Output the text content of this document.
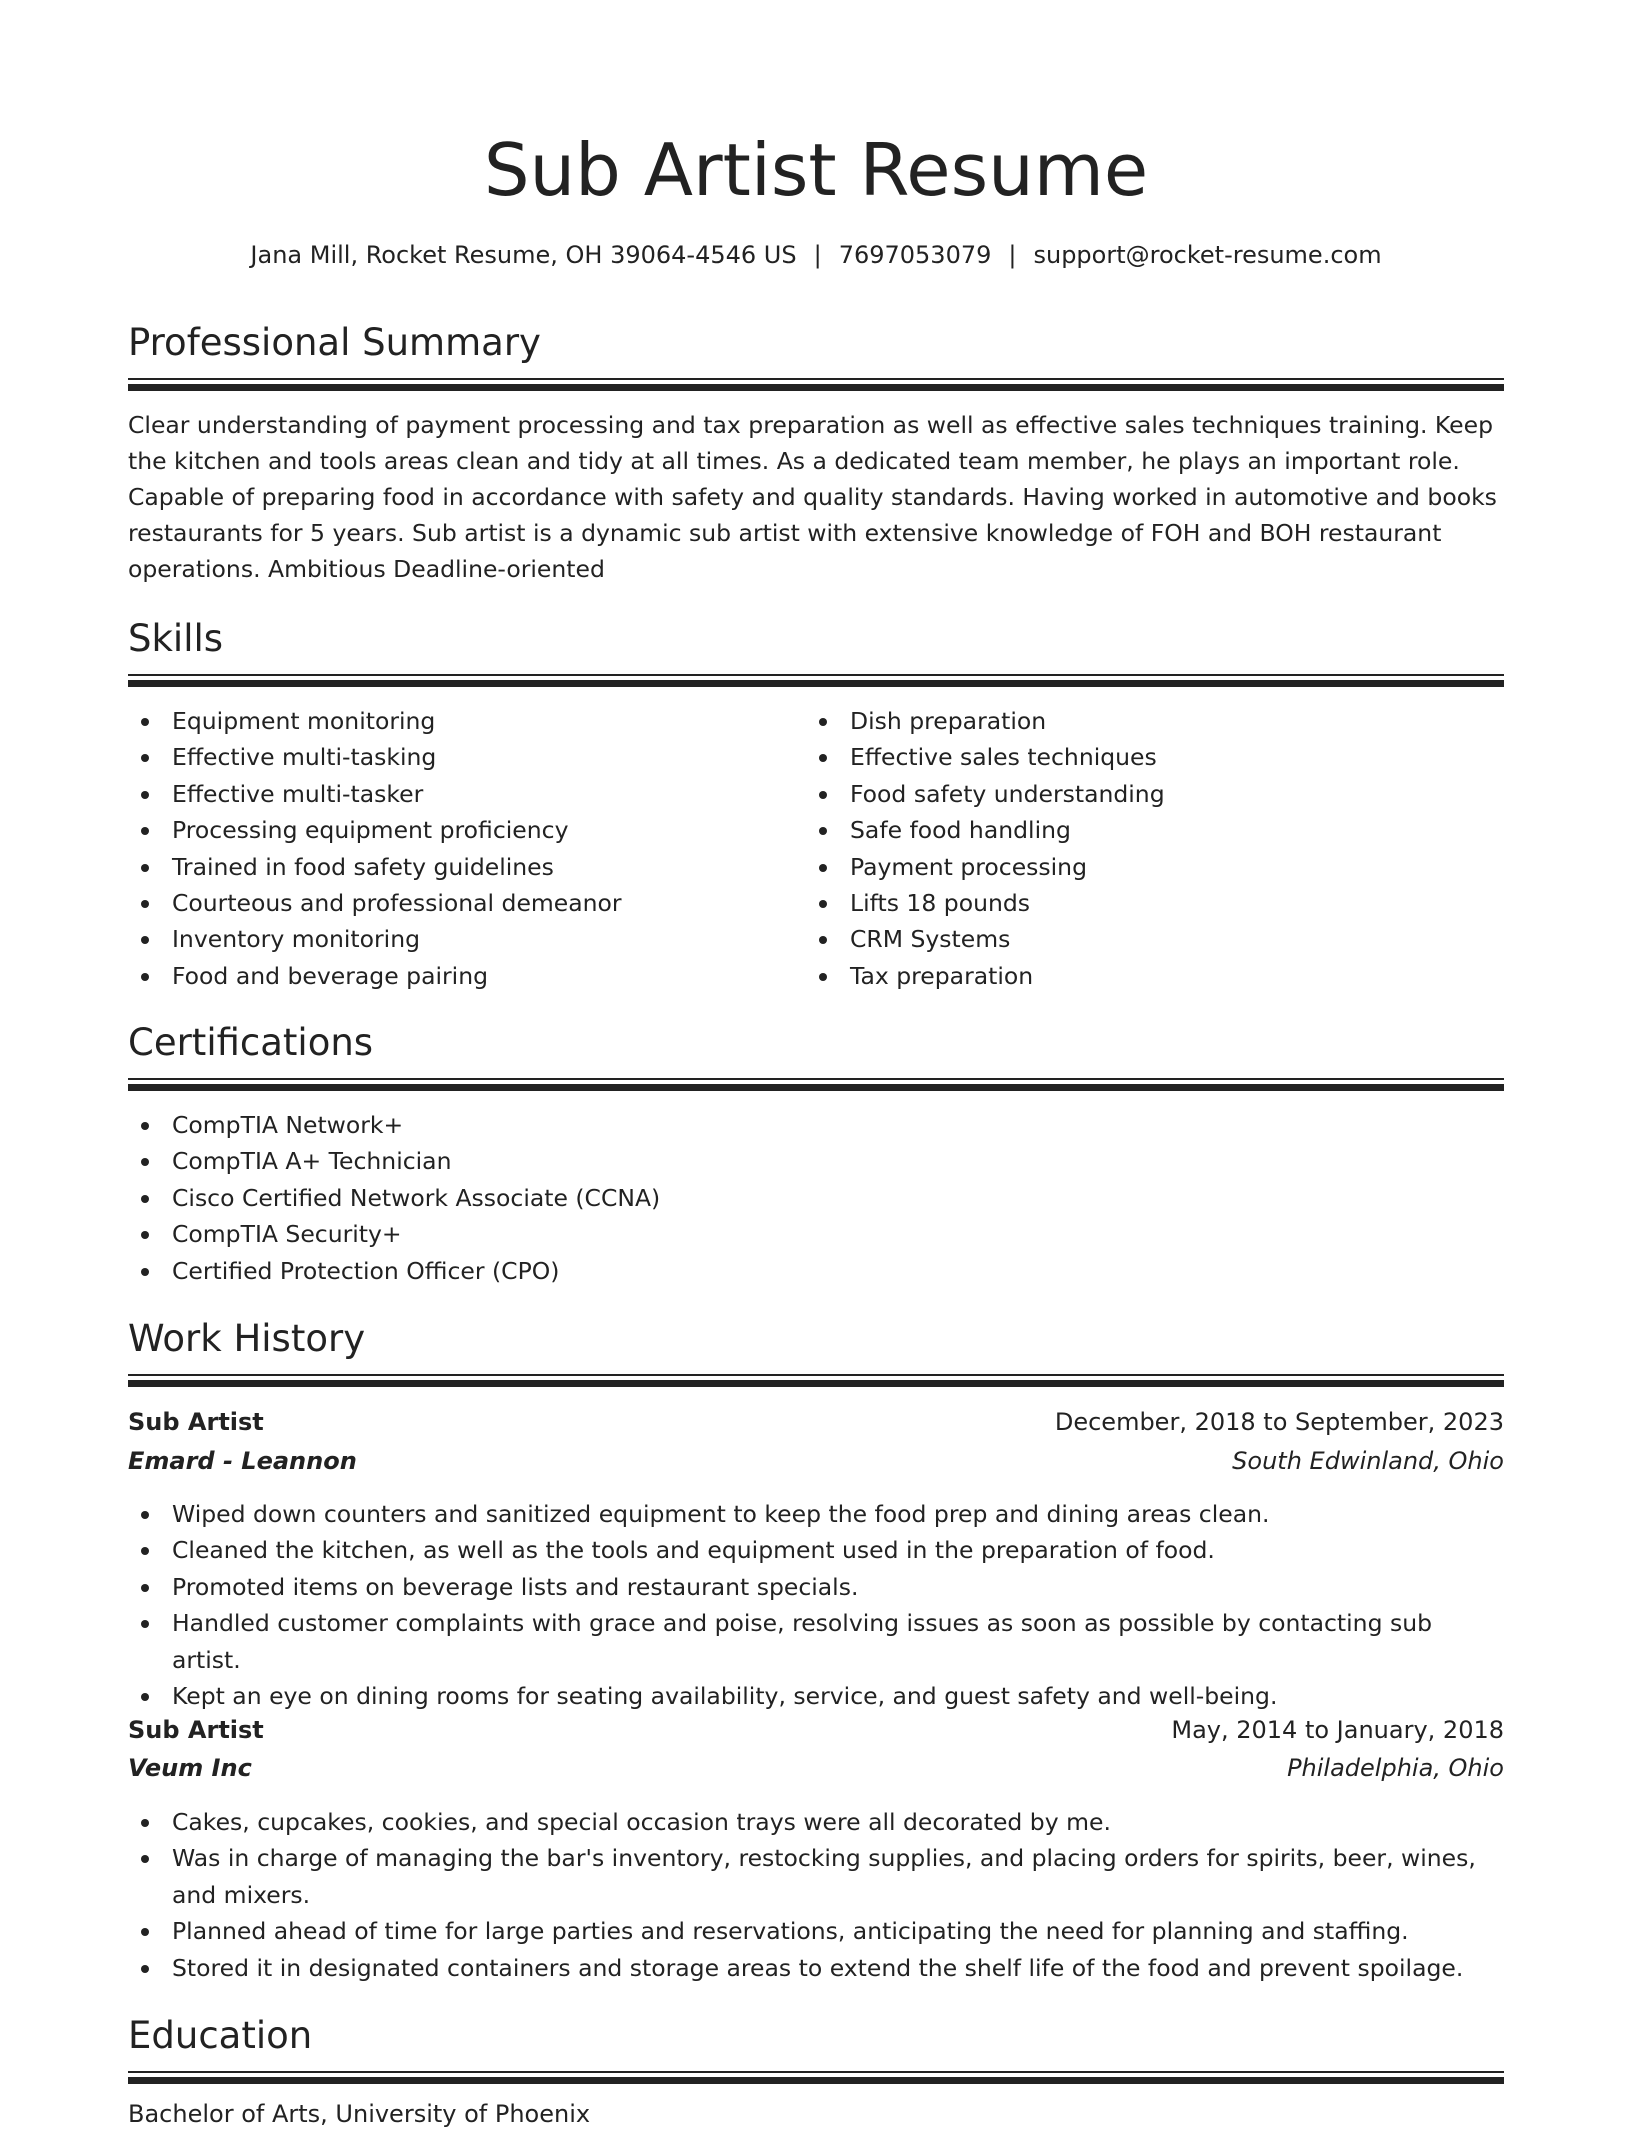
Sub Artist Resume
Jana Mill, Rocket Resume, OH 39064-4546 US | 7697053079 | support@rocket-resume.com
Professional Summary
Clear understanding of payment processing and tax preparation as well as effective sales techniques training. Keep the kitchen and tools areas clean and tidy at all times. As a dedicated team member, he plays an important role. Capable of preparing food in accordance with safety and quality standards. Having worked in automotive and books restaurants for 5 years. Sub artist is a dynamic sub artist with extensive knowledge of FOH and BOH restaurant operations. Ambitious Deadline-oriented
Skills
Equipment monitoring
Effective multi-tasking
Effective multi-tasker
Processing equipment proficiency
Trained in food safety guidelines
Courteous and professional demeanor
Inventory monitoring
Food and beverage pairing
Dish preparation
Effective sales techniques
Food safety understanding
Safe food handling
Payment processing
Lifts 18 pounds
CRM Systems
Tax preparation
Certifications
CompTIA Network+
CompTIA A+ Technician
Cisco Certified Network Associate (CCNA)
CompTIA Security+
Certified Protection Officer (CPO)
Work History
Sub Artist	December, 2018 to September, 2023
Emard - Leannon	South Edwinland, Ohio
Wiped down counters and sanitized equipment to keep the food prep and dining areas clean.
Cleaned the kitchen, as well as the tools and equipment used in the preparation of food.
Promoted items on beverage lists and restaurant specials.
Handled customer complaints with grace and poise, resolving issues as soon as possible by contacting sub artist.
Kept an eye on dining rooms for seating availability, service, and guest safety and well-being.
Sub Artist	May, 2014 to January, 2018
Veum Inc	Philadelphia, Ohio
Cakes, cupcakes, cookies, and special occasion trays were all decorated by me.
Was in charge of managing the bar's inventory, restocking supplies, and placing orders for spirits, beer, wines, and mixers.
Planned ahead of time for large parties and reservations, anticipating the need for planning and staffing.
Stored it in designated containers and storage areas to extend the shelf life of the food and prevent spoilage.
Education
Bachelor of Arts, University of Phoenix
